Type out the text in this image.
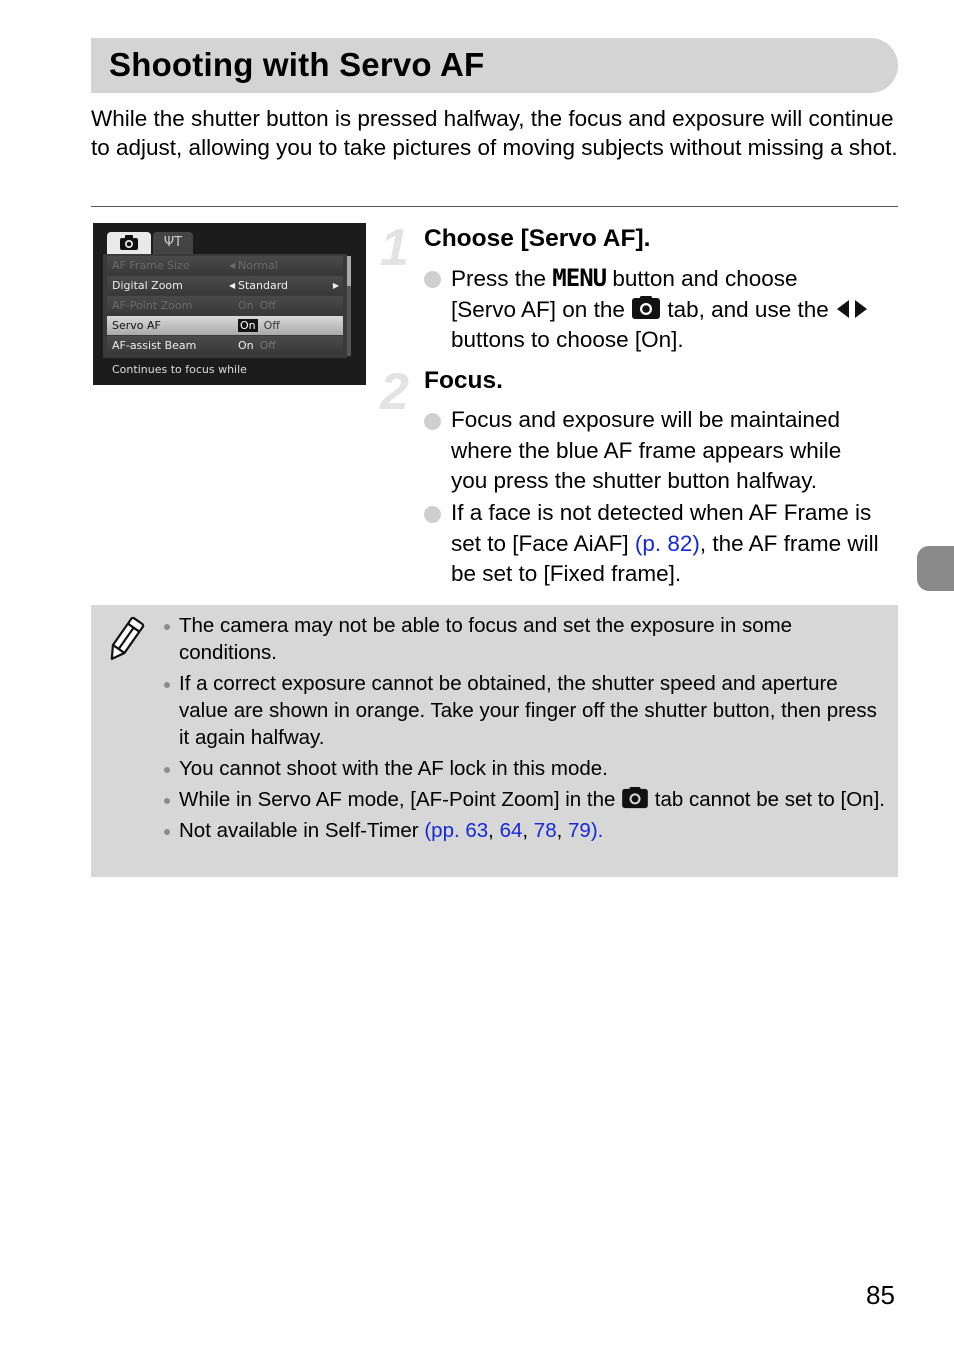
Shooting with Servo AF
While the shutter button is pressed halfway, the focus and exposure will continue to adjust, allowing you to take pictures of moving subjects without missing a shot.
ΨT
AF Frame Size	◀ Normal
Digital Zoom	◀ Standard	▶
AF-Point Zoom	On Off
Servo AF	On Off
AF-assist Beam	On Off
Continues to focus while
1 Choose [Servo AF].
Press the MENU button and choose
[Servo AF] on the  tab, and use the
buttons to choose [On].
2 Focus.
Focus and exposure will be maintained where the blue AF frame appears while you press the shutter button halfway.
If a face is not detected when AF Frame is set to [Face AiAF] (p. 82), the AF frame will be set to [Fixed frame].
The camera may not be able to focus and set the exposure in some conditions.
If a correct exposure cannot be obtained, the shutter speed and aperture value are shown in orange. Take your finger off the shutter button, then press it again halfway.
You cannot shoot with the AF lock in this mode.
While in Servo AF mode, [AF-Point Zoom] in the  tab cannot be set to [On].
Not available in Self-Timer (pp. 63, 64, 78, 79).
85
